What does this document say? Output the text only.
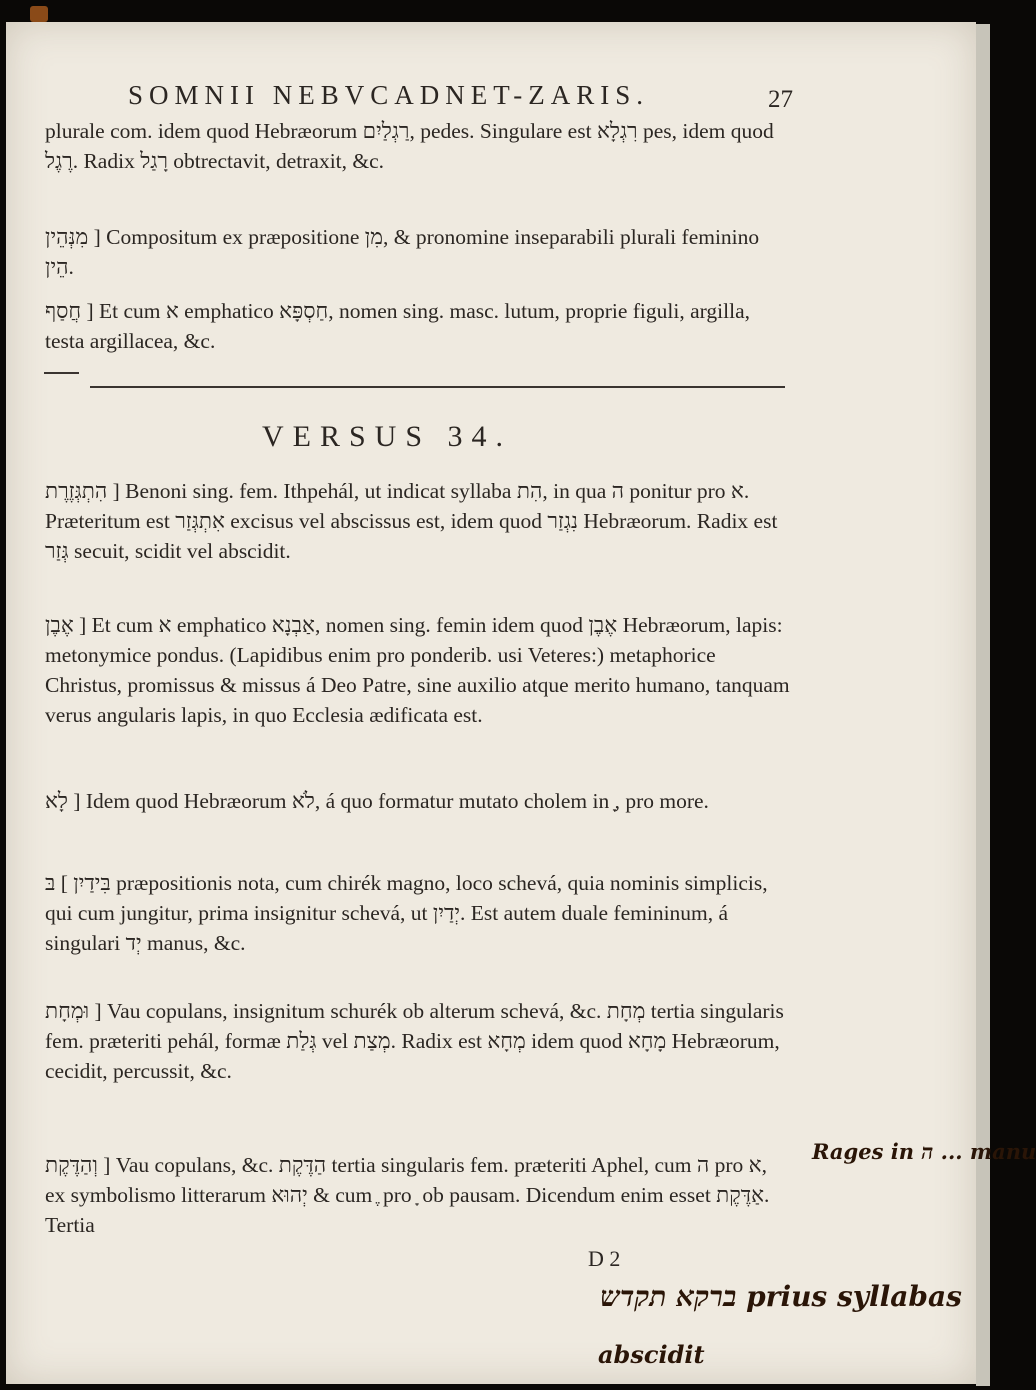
SOMNII NEBVCADNET-ZARIS.	27

plurale com. idem quod Hebræorum רַגְלַיִם, pedes. Singulare est רִגְלָא pes, idem quod רֶגֶל. Radix רָגַל obtrectavit, detraxit, &c.

מִנְּהֵין ] Compositum ex præpositione מִן, & pronomine inseparabili plurali feminino הֵין.

חֲסַף ] Et cum א emphatico חַסְפָּא, nomen sing. masc. lutum, proprie figuli, argilla, testa argillacea, &c.

VERSUS 34.

הִתְגְּזֶרֶת ] Benoni sing. fem. Ithpehál, ut indicat syllaba הִת, in qua ה ponitur pro א. Præteritum est אִתְגְּזַר excisus vel abscissus est, idem quod נִגְזַר Hebræorum. Radix est גְּזַר secuit, scidit vel abscidit.

אֶבֶן ] Et cum א emphatico אַבְנָא, nomen sing. femin idem quod אֶבֶן Hebræorum, lapis: metonymice pondus. (Lapidibus enim pro ponderib. usi Veteres:) metaphorice Christus, promissus & missus á Deo Patre, sine auxilio atque merito humano, tanquam verus angularis lapis, in quo Ecclesia ædificata est.

לָא ] Idem quod Hebræorum לֹא, á quo formatur mutato cholem in ָ, pro more.

בִּידַיִן ] בּ præpositionis nota, cum chirék magno, loco schevá, quia nominis simplicis, qui cum jungitur, prima insignitur schevá, ut יְדַיִן. Est autem duale femininum, á singulari יְד manus, &c.

וּמְחָת ] Vau copulans, insignitum schurék ob alterum schevá, &c. מְחָת tertia singularis fem. præteriti pehál, formæ גְּלַת vel מְצַת. Radix est מְחָא idem quod מָחָא Hebræorum, cecidit, percussit, &c.

וְהַדֶּקֶת ] Vau copulans, &c. הַדֶּקֶת tertia singularis fem. præteriti Aphel, cum ה pro א, ex symbolismo litterarum יְהוּא & cum ֶ pro ָ ob pausam. Dicendum enim esset אַדֶּקֶת. Tertia

D 2
Rages in ה ... manu
ברקא תקדש prius syllabas
abscidit
